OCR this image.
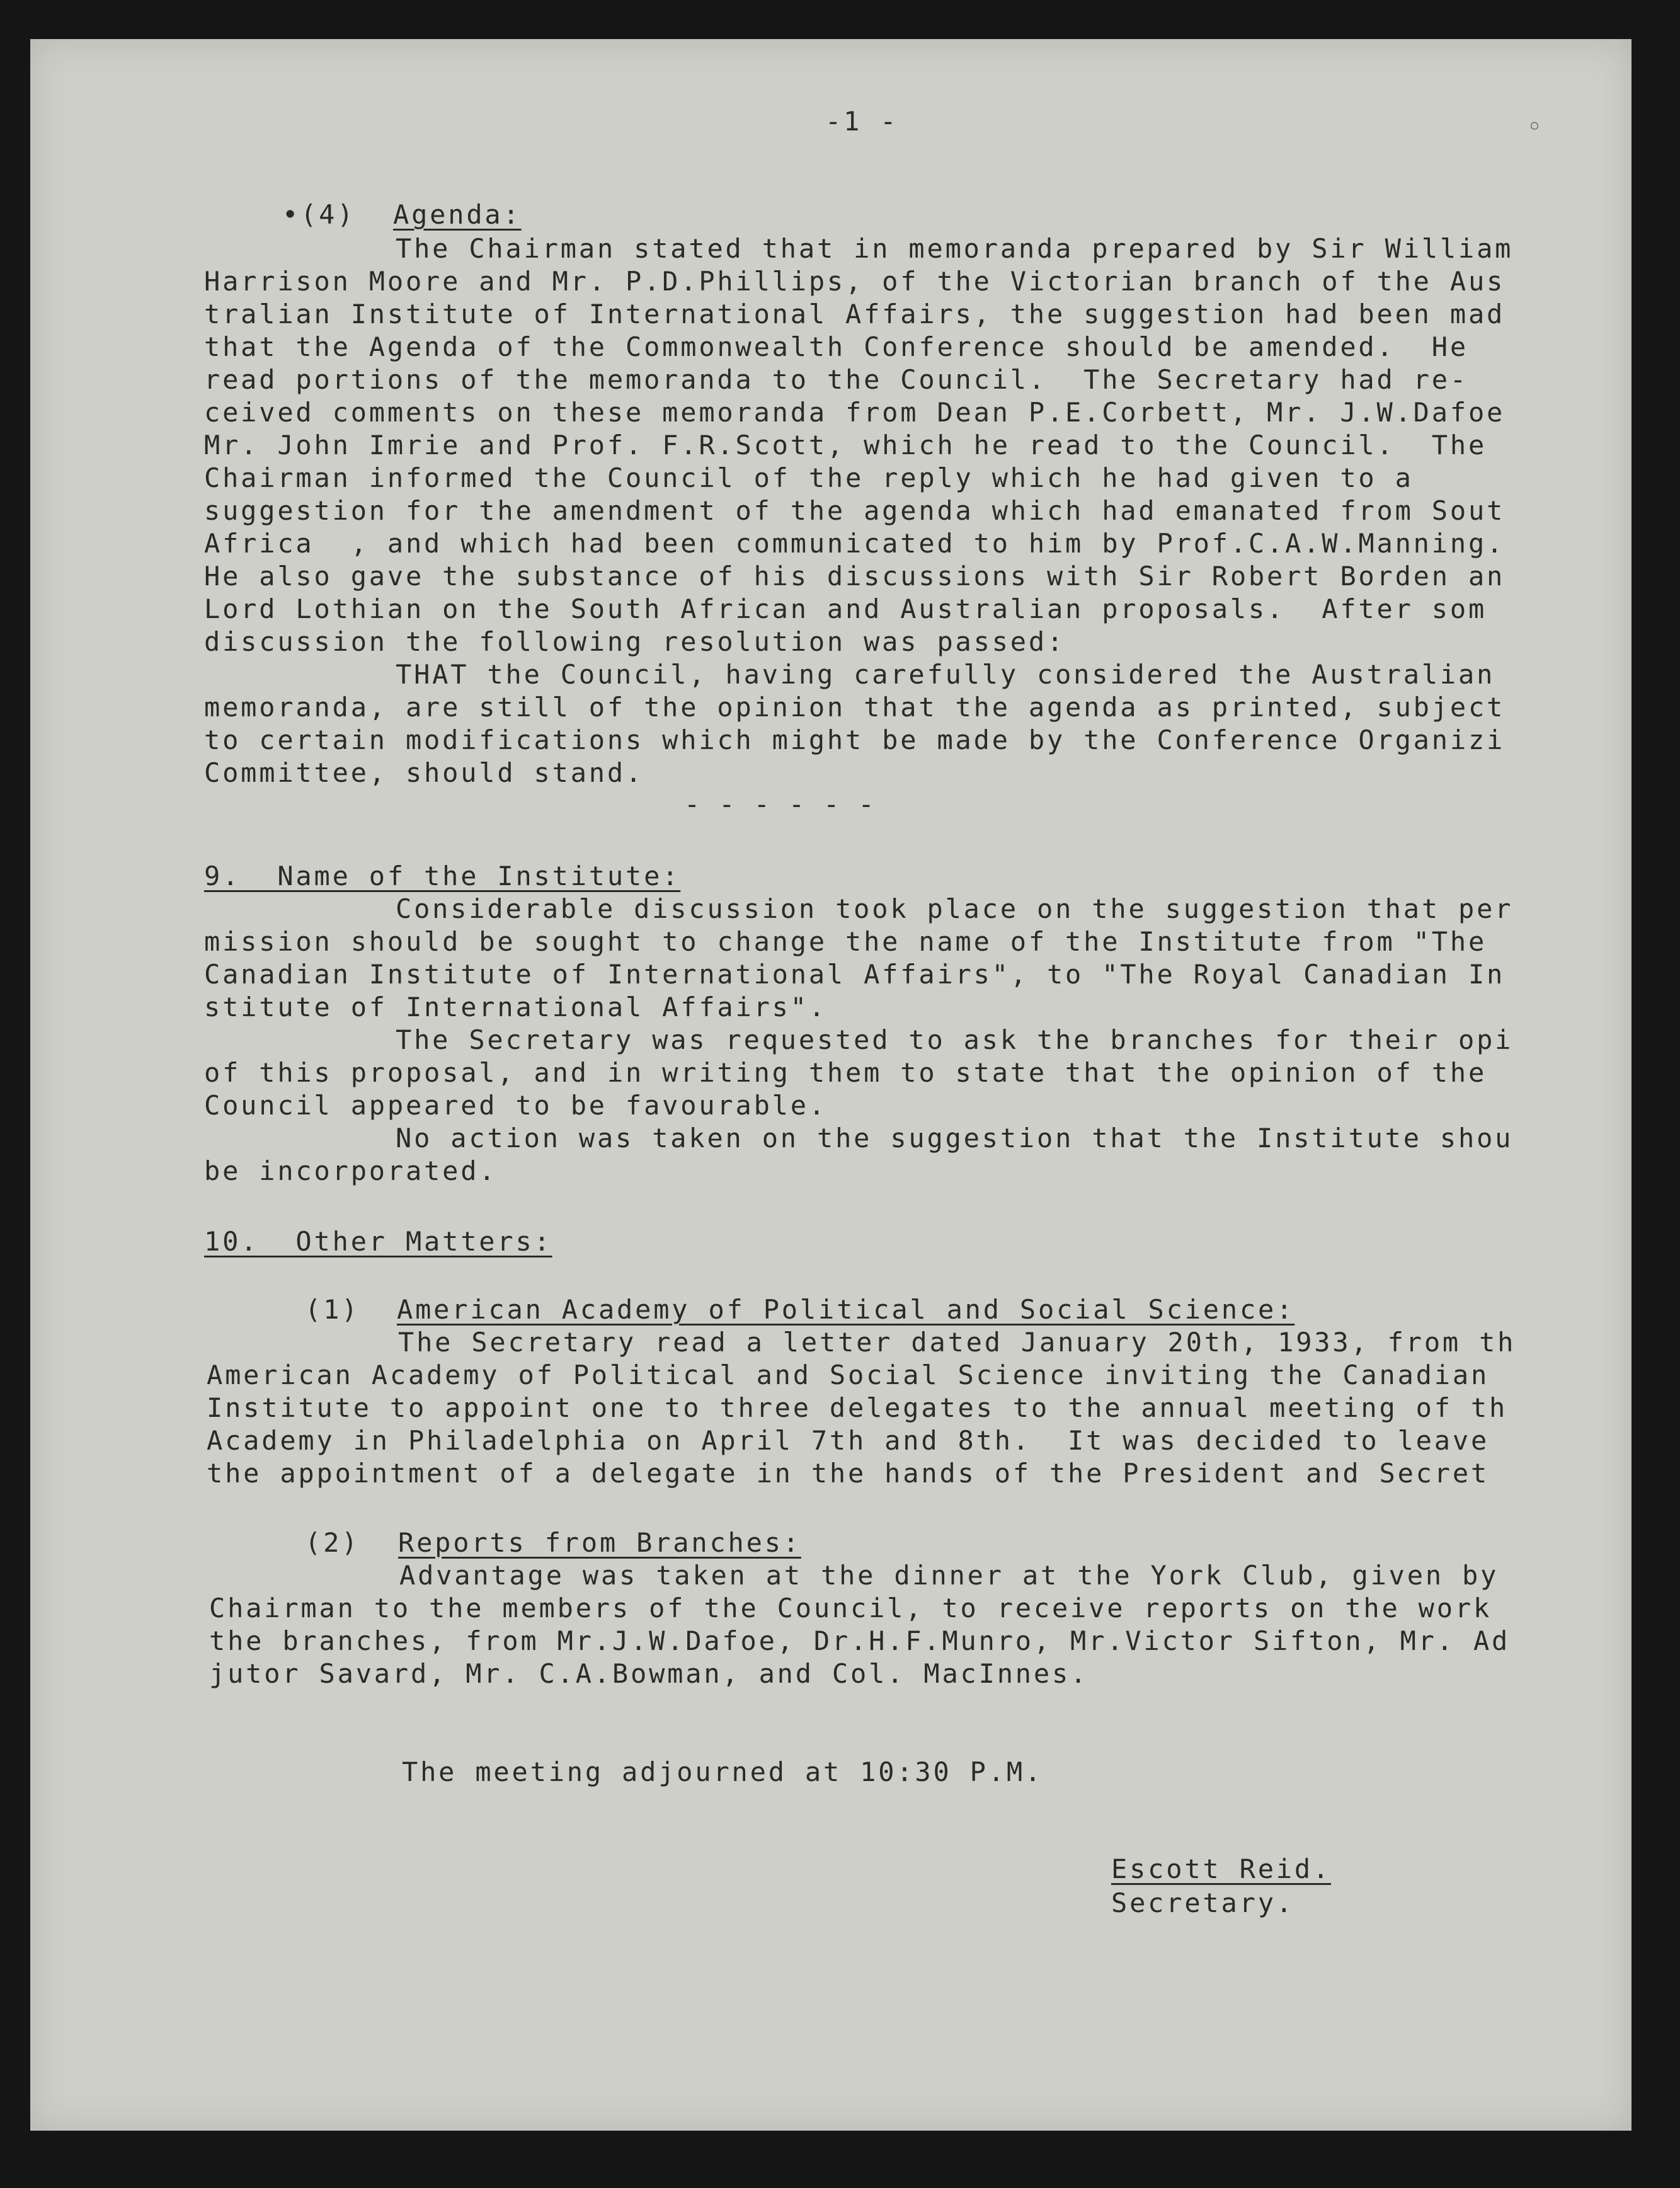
-1 -	○
•(4)	Agenda:
The Chairman stated that in memoranda prepared by Sir William
Harrison Moore and Mr. P.D.Phillips, of the Victorian branch of the Aus
tralian Institute of International Affairs, the suggestion had been mad
that the Agenda of the Commonwealth Conference should be amended.  He
read portions of the memoranda to the Council.  The Secretary had re-
ceived comments on these memoranda from Dean P.E.Corbett, Mr. J.W.Dafoe
Mr. John Imrie and Prof. F.R.Scott, which he read to the Council.  The
Chairman informed the Council of the reply which he had given to a
suggestion for the amendment of the agenda which had emanated from Sout
Africa  , and which had been communicated to him by Prof.C.A.W.Manning.
He also gave the substance of his discussions with Sir Robert Borden an
Lord Lothian on the South African and Australian proposals.  After som
discussion the following resolution was passed:
THAT the Council, having carefully considered the Australian
memoranda, are still of the opinion that the agenda as printed, subject
to certain modifications which might be made by the Conference Organizi
Committee, should stand.
------
9.  Name of the Institute:
Considerable discussion took place on the suggestion that per
mission should be sought to change the name of the Institute from "The
Canadian Institute of International Affairs", to "The Royal Canadian In
stitute of International Affairs".
The Secretary was requested to ask the branches for their opi
of this proposal, and in writing them to state that the opinion of the
Council appeared to be favourable.
No action was taken on the suggestion that the Institute shou
be incorporated.
10.  Other Matters:
(1)	American Academy of Political and Social Science:
The Secretary read a letter dated January 20th, 1933, from th
American Academy of Political and Social Science inviting the Canadian
Institute to appoint one to three delegates to the annual meeting of th
Academy in Philadelphia on April 7th and 8th.  It was decided to leave
the appointment of a delegate in the hands of the President and Secret
(2)	Reports from Branches:
Advantage was taken at the dinner at the York Club, given by
Chairman to the members of the Council, to receive reports on the work
the branches, from Mr.J.W.Dafoe, Dr.H.F.Munro, Mr.Victor Sifton, Mr. Ad
jutor Savard, Mr. C.A.Bowman, and Col. MacInnes.
The meeting adjourned at 10:30 P.M.
Escott Reid.
Secretary.
